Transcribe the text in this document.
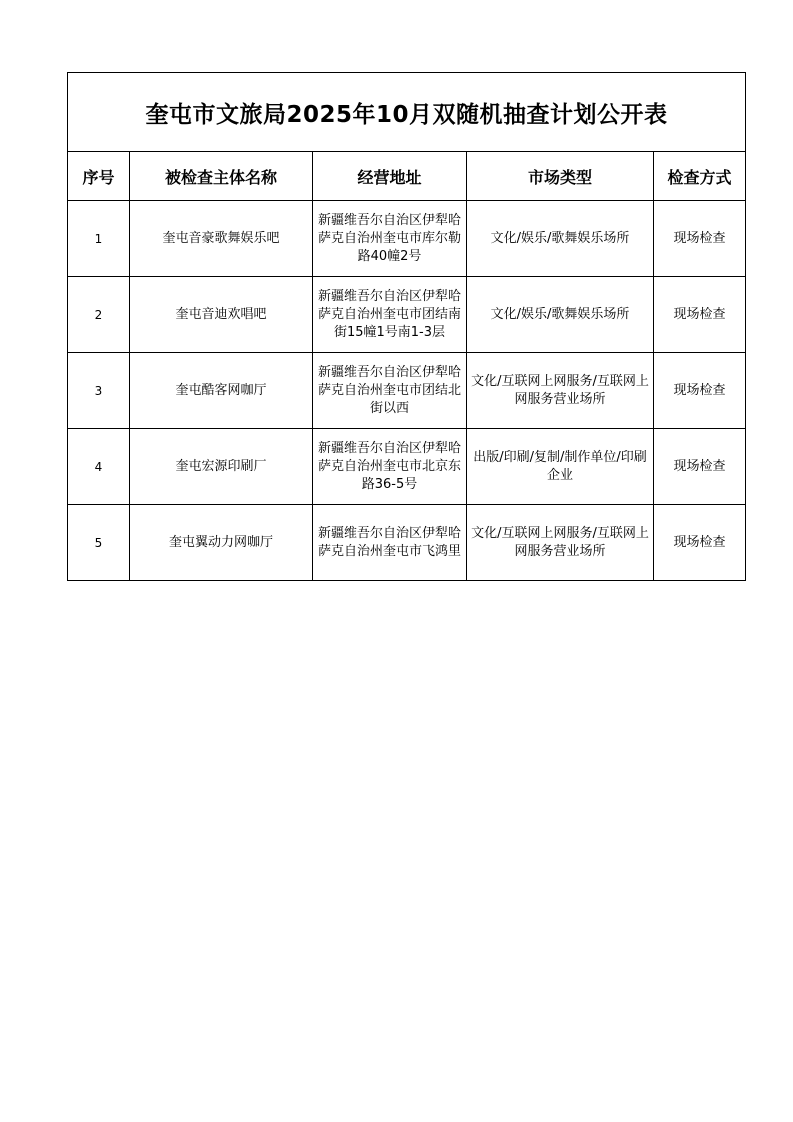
奎屯市文旅局2025年10月双随机抽查计划公开表				
序号	被检查主体名称	经营地址	市场类型	检查方式
1	奎屯音豪歌舞娱乐吧	新疆维吾尔自治区伊犁哈萨克自治州奎屯市库尔勒路40幢2号	文化/娱乐/歌舞娱乐场所	现场检查
2	奎屯音迪欢唱吧	新疆维吾尔自治区伊犁哈萨克自治州奎屯市团结南街15幢1号南1-3层	文化/娱乐/歌舞娱乐场所	现场检查
3	奎屯酷客网咖厅	新疆维吾尔自治区伊犁哈萨克自治州奎屯市团结北街以西	文化/互联网上网服务/互联网上网服务营业场所	现场检查
4	奎屯宏源印刷厂	新疆维吾尔自治区伊犁哈萨克自治州奎屯市北京东路36-5号	出版/印刷/复制/制作单位/印刷企业	现场检查
5	奎屯翼动力网咖厅	新疆维吾尔自治区伊犁哈萨克自治州奎屯市飞鸿里	文化/互联网上网服务/互联网上网服务营业场所	现场检查
